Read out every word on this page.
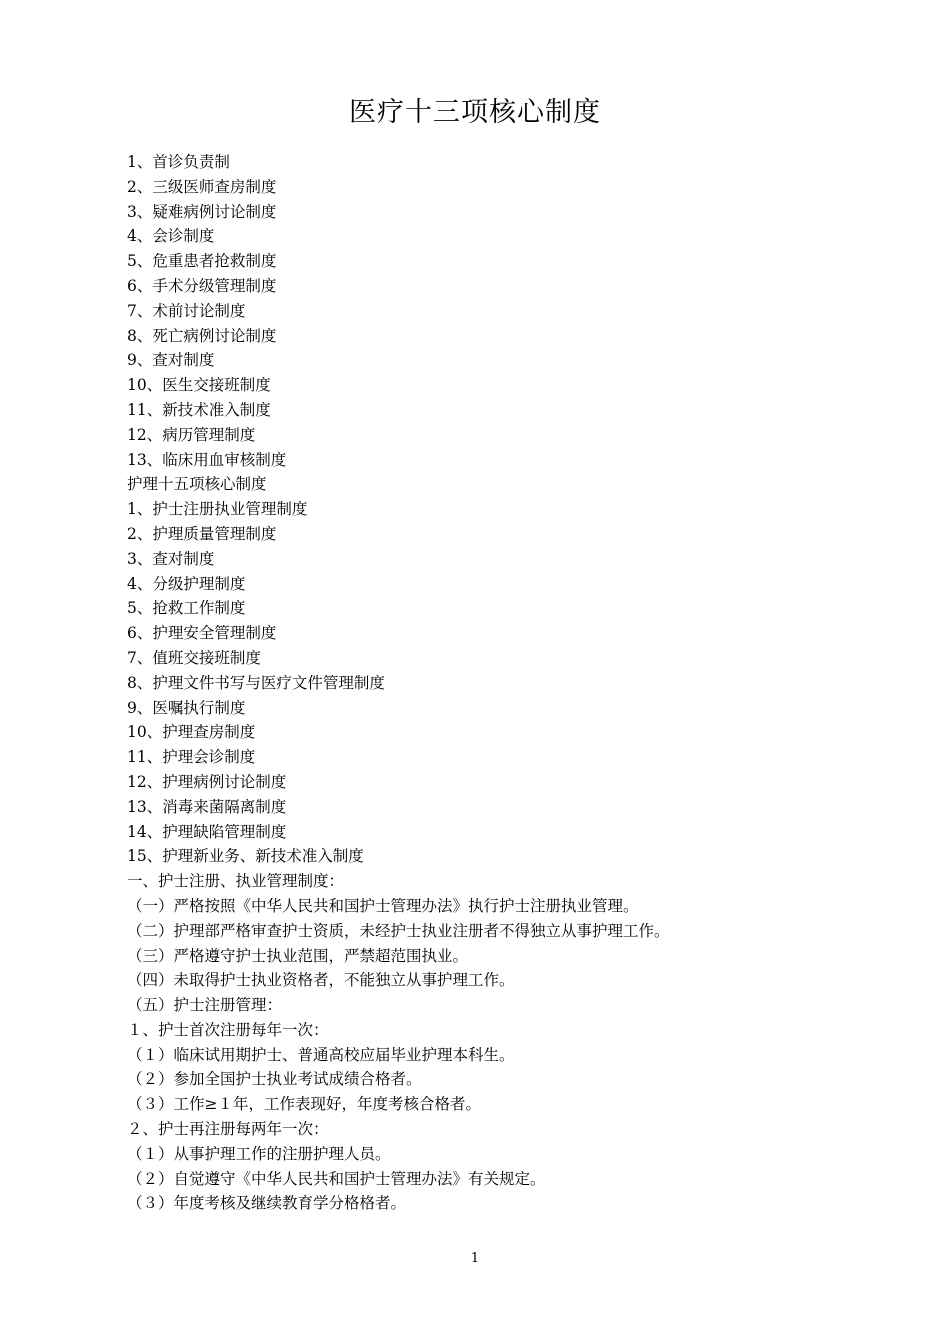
医疗十三项核心制度
1、首诊负责制
2、三级医师查房制度
3、疑难病例讨论制度
4、会诊制度
5、危重患者抢救制度
6、手术分级管理制度
7、术前讨论制度
8、死亡病例讨论制度
9、查对制度
10、医生交接班制度
11、新技术准入制度
12、病历管理制度
13、临床用血审核制度
护理十五项核心制度
1、护士注册执业管理制度
2、护理质量管理制度
3、查对制度
4、分级护理制度
5、抢救工作制度
6、护理安全管理制度
7、值班交接班制度
8、护理文件书写与医疗文件管理制度
9、医嘱执行制度
10、护理查房制度
11、护理会诊制度
12、护理病例讨论制度
13、消毒来菌隔离制度
14、护理缺陷管理制度
15、护理新业务、新技术准入制度
一、护士注册、执业管理制度：
（一）严格按照《中华人民共和国护士管理办法》执行护士注册执业管理。
（二）护理部严格审查护士资质，未经护士执业注册者不得独立从事护理工作。
（三）严格遵守护士执业范围，严禁超范围执业。
（四）未取得护士执业资格者，不能独立从事护理工作。
（五）护士注册管理：
１、护士首次注册每年一次：
（１）临床试用期护士、普通高校应届毕业护理本科生。
（２）参加全国护士执业考试成绩合格者。
（３）工作≥１年，工作表现好，年度考核合格者。
２、护士再注册每两年一次：
（１）从事护理工作的注册护理人员。
（２）自觉遵守《中华人民共和国护士管理办法》有关规定。
（３）年度考核及继续教育学分格格者。
1
